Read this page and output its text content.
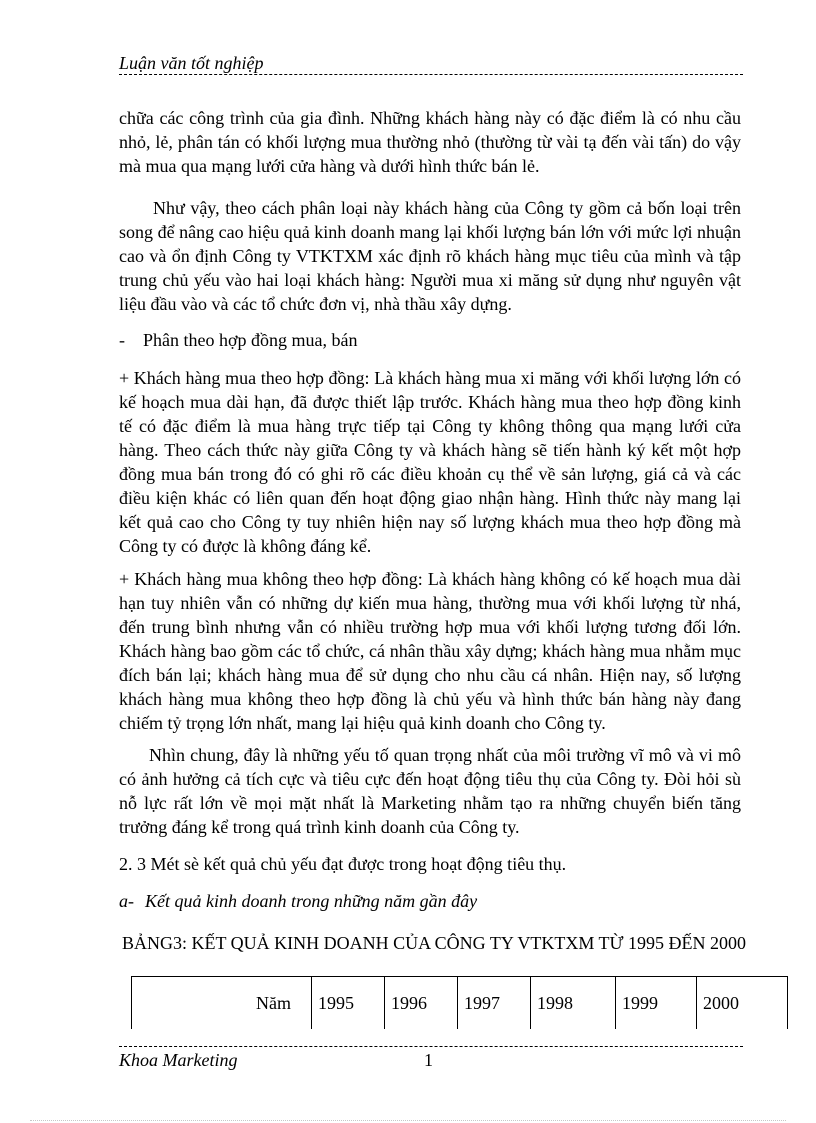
Luận văn tốt nghiệp
chữa các công trình của gia đình. Những khách hàng này có đặc điểm là có nhu cầu nhỏ, lẻ, phân tán có khối lượng mua thường nhỏ (thường từ vài tạ đến vài tấn) do vậy mà mua qua mạng lưới cửa hàng và dưới hình thức bán lẻ.
Như vậy, theo cách phân loại này khách hàng của Công ty gồm cả bốn loại trên song để nâng cao hiệu quả kinh doanh mang lại khối lượng bán lớn với mức lợi nhuận cao và ổn định Công ty VTKTXM xác định rõ khách hàng mục tiêu của mình và tập trung chủ yếu vào hai loại khách hàng: Người mua xi măng sử dụng như nguyên vật liệu đầu vào và các tổ chức đơn vị, nhà thầu xây dựng.
-    Phân theo hợp đồng mua, bán
+ Khách hàng mua theo hợp đồng: Là khách hàng mua xi măng với khối lượng lớn có kế hoạch mua dài hạn, đã được thiết lập trước. Khách hàng mua theo hợp đồng kinh tế có đặc điểm là mua hàng trực tiếp tại Công ty không thông qua mạng lưới cửa hàng. Theo cách thức này giữa Công ty và khách hàng sẽ tiến hành ký kết một hợp đồng mua bán trong đó có ghi rõ các điều khoản cụ thể về sản lượng, giá cả và các điều kiện khác có liên quan đến hoạt động giao nhận hàng. Hình thức này mang lại kết quả cao cho Công ty tuy nhiên hiện nay số lượng khách mua theo hợp đồng mà Công ty có được là không đáng kể.
+ Khách hàng mua không theo hợp đồng: Là khách hàng không có kế hoạch mua dài hạn tuy nhiên vẫn có những dự kiến mua hàng, thường mua với khối lượng từ nhá, đến trung bình nhưng vẫn có nhiều trường hợp mua với khối lượng tương đối lớn. Khách hàng bao gồm các tổ chức, cá nhân thầu xây dựng; khách hàng mua nhằm mục đích bán lại; khách hàng mua để sử dụng cho nhu cầu cá nhân. Hiện nay, số lượng khách hàng mua không theo hợp đồng là chủ yếu và hình thức bán hàng này đang chiếm tỷ trọng lớn nhất, mang lại hiệu quả kinh doanh cho Công ty.
Nhìn chung, đây là những yếu tố quan trọng nhất của môi trường vĩ mô và vi mô có ảnh hưởng cả tích cực và tiêu cực đến hoạt động tiêu thụ của Công ty. Đòi hỏi sù nỗ lực rất lớn về mọi mặt nhất là Marketing nhằm tạo ra những chuyển biến tăng trưởng đáng kể trong quá trình kinh doanh của Công ty.
2. 3 Mét sè kết quả chủ yếu đạt được trong hoạt động tiêu thụ.
a- Kết quả kinh doanh trong những năm gần đây
BẢNG3: KẾT QUẢ KINH DOANH CỦA CÔNG TY VTKTXM TỪ 1995 ĐẾN 2000
Năm	1995	1996	1997	1998	1999	2000
Khoa Marketing	1
